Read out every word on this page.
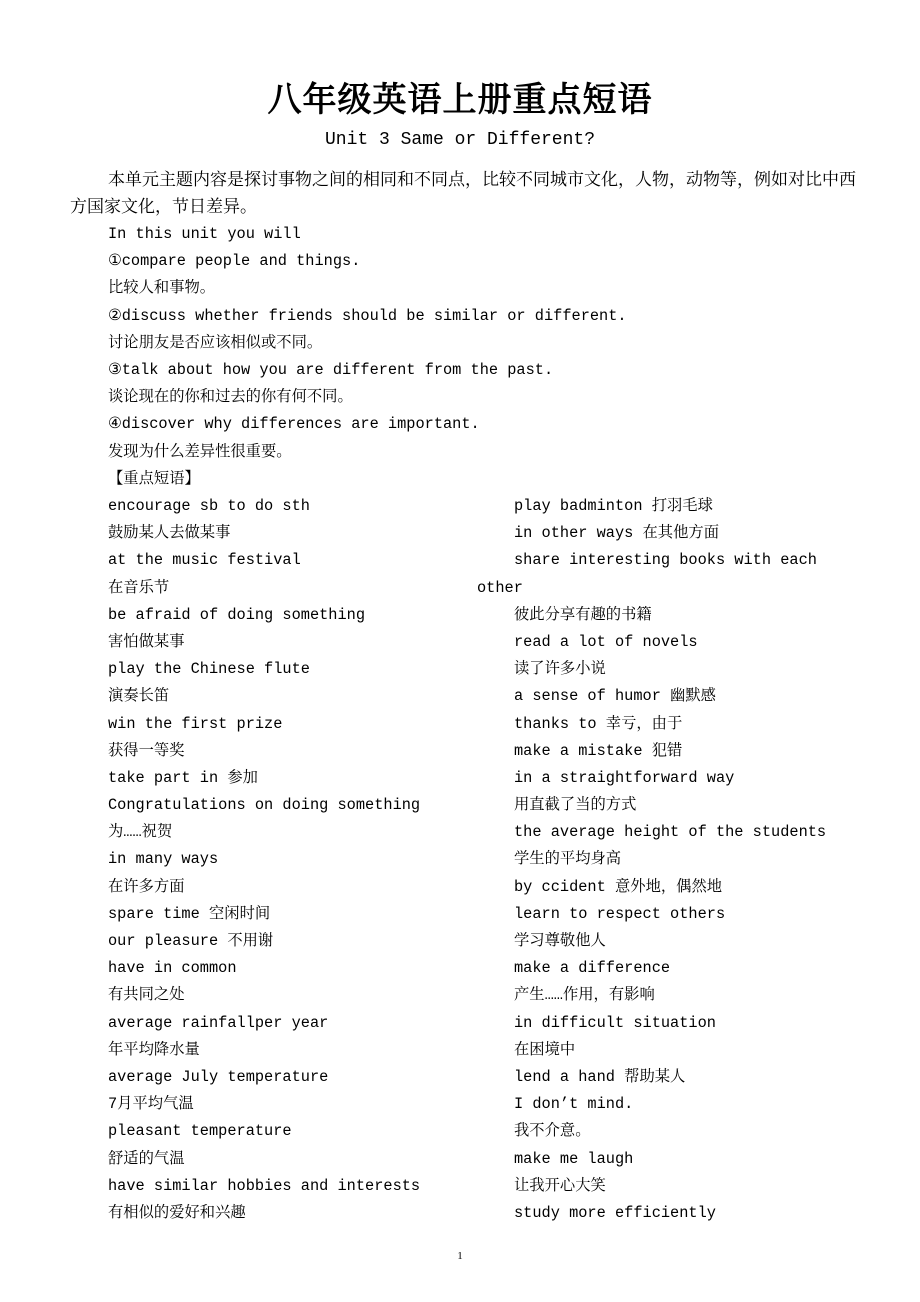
八年级英语上册重点短语
Unit 3 Same or Different?
本单元主题内容是探讨事物之间的相同和不同点，比较不同城市文化，人物，动物等，例如对比中西方国家文化，节日差异。
In this unit you will
①compare people and things.
比较人和事物。
②discuss whether friends should be similar or different.
讨论朋友是否应该相似或不同。
③talk about how you are different from the past.
谈论现在的你和过去的你有何不同。
④discover why differences are important.
发现为什么差异性很重要。
【重点短语】
encourage sb to do sth
鼓励某人去做某事
at the music festival
在音乐节
be afraid of doing something
害怕做某事
play the Chinese flute
演奏长笛
win the first prize
获得一等奖
take part in 参加
Congratulations on doing something
为……祝贺
in many ways
在许多方面
spare time 空闲时间
our pleasure 不用谢
have in common
有共同之处
average rainfallper year
年平均降水量
average July temperature
7月平均气温
pleasant temperature
舒适的气温
have similar hobbies and interests
有相似的爱好和兴趣
play badminton 打羽毛球
in other ways 在其他方面
share interesting books with each
other
彼此分享有趣的书籍
read a lot of novels
读了许多小说
a sense of humor 幽默感
thanks to 幸亏，由于
make a mistake 犯错
in a straightforward way
用直截了当的方式
the average height of the students
学生的平均身高
by ccident 意外地，偶然地
learn to respect others
学习尊敬他人
make a difference
产生……作用，有影响
in difficult situation
在困境中
lend a hand 帮助某人
I don’t mind.
我不介意。
make me laugh
让我开心大笑
study more efficiently
1
